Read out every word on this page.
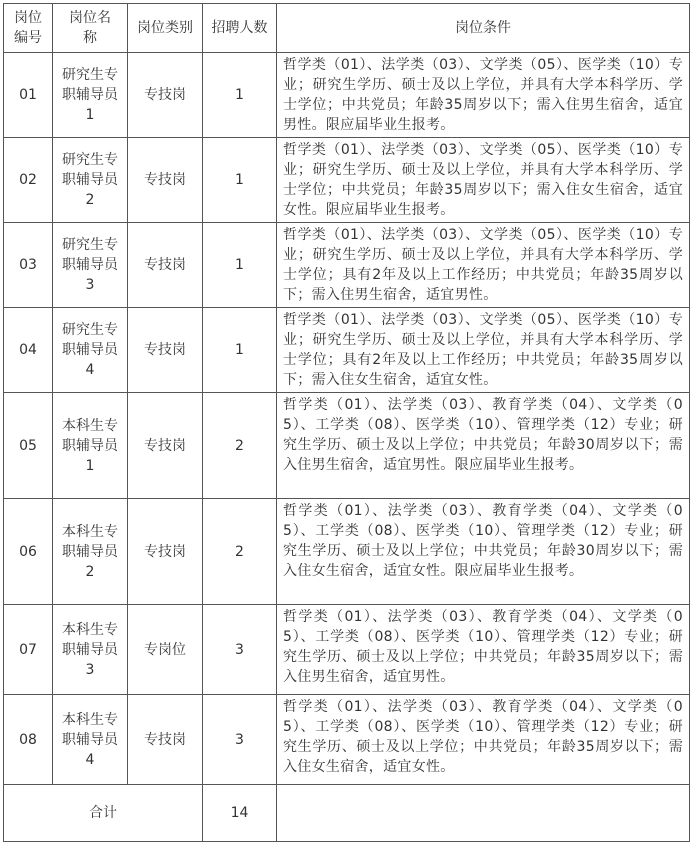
岗位编号	岗位名称	岗位类别	招聘人数	岗位条件
01	研究生专职辅导员1	专技岗	1	哲学类（01）、法学类（03）、文学类（05）、医学类（10）专业；研究生学历、硕士及以上学位，并具有大学本科学历、学士学位；中共党员；年龄35周岁以下；需入住男生宿舍，适宜男性。限应届毕业生报考。
02	研究生专职辅导员2	专技岗	1	哲学类（01）、法学类（03）、文学类（05）、医学类（10）专业；研究生学历、硕士及以上学位，并具有大学本科学历、学士学位；中共党员；年龄35周岁以下；需入住女生宿舍，适宜女性。限应届毕业生报考。
03	研究生专职辅导员3	专技岗	1	哲学类（01）、法学类（03）、文学类（05）、医学类（10）专业；研究生学历、硕士及以上学位，并具有大学本科学历、学士学位；具有2年及以上工作经历；中共党员；年龄35周岁以下；需入住男生宿舍，适宜男性。
04	研究生专职辅导员4	专技岗	1	哲学类（01）、法学类（03）、文学类（05）、医学类（10）专业；研究生学历、硕士及以上学位，并具有大学本科学历、学士学位；具有2年及以上工作经历；中共党员；年龄35周岁以下；需入住女生宿舍，适宜女性。
05	本科生专职辅导员1	专技岗	2	哲学类（01）、法学类（03）、教育学类（04）、文学类（05）、工学类（08）、医学类（10）、管理学类（12）专业；研究生学历、硕士及以上学位；中共党员；年龄30周岁以下；需入住男生宿舍，适宜男性。限应届毕业生报考。
06	本科生专职辅导员2	专技岗	2	哲学类（01）、法学类（03）、教育学类（04）、文学类（05）、工学类（08）、医学类（10）、管理学类（12）专业；研究生学历、硕士及以上学位；中共党员；年龄30周岁以下；需入住女生宿舍，适宜女性。限应届毕业生报考。
07	本科生专职辅导员3	专岗位	3	哲学类（01）、法学类（03）、教育学类（04）、文学类（05）、工学类（08）、医学类（10）、管理学类（12）专业；研究生学历、硕士及以上学位；中共党员；年龄35周岁以下；需入住男生宿舍，适宜男性。
08	本科生专职辅导员4	专技岗	3	哲学类（01）、法学类（03）、教育学类（04）、文学类（05）、工学类（08）、医学类（10）、管理学类（12）专业；研究生学历、硕士及以上学位；中共党员；年龄35周岁以下；需入住女生宿舍，适宜女性。
合计			14	
